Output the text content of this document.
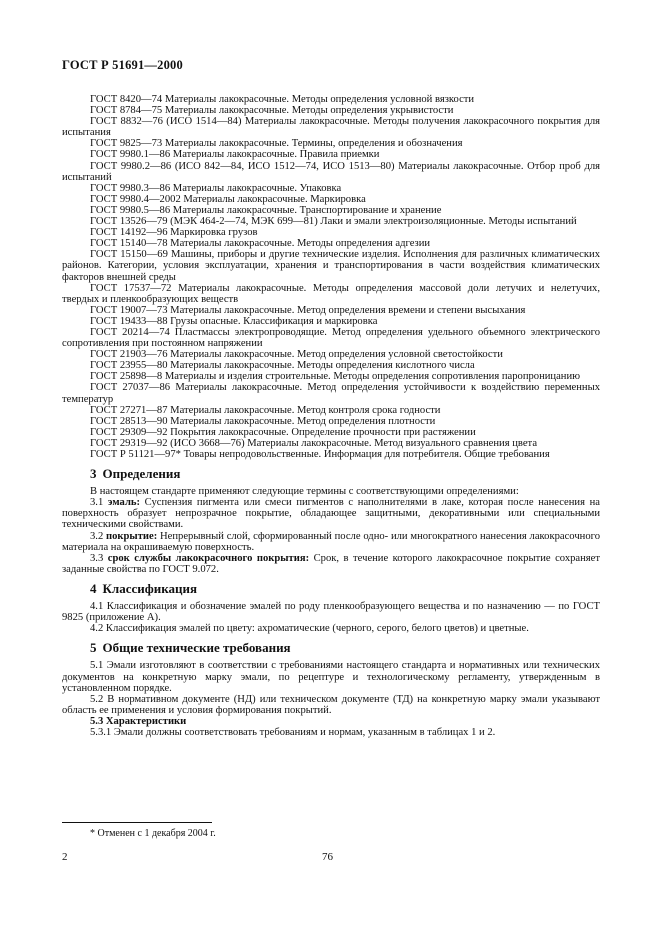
ГОСТ Р 51691—2000

ГОСТ 8420—74 Материалы лакокрасочные. Методы определения условной вязкости

ГОСТ 8784—75 Материалы лакокрасочные. Методы определения укрывистости

ГОСТ 8832—76 (ИСО 1514—84) Материалы лакокрасочные. Методы получения лакокрасочного покрытия для испытания

ГОСТ 9825—73 Материалы лакокрасочные. Термины, определения и обозначения

ГОСТ 9980.1—86 Материалы лакокрасочные. Правила приемки

ГОСТ 9980.2—86 (ИСО 842—84, ИСО 1512—74, ИСО 1513—80) Материалы лакокрасочные. Отбор проб для испытаний

ГОСТ 9980.3—86 Материалы лакокрасочные. Упаковка

ГОСТ 9980.4—2002 Материалы лакокрасочные. Маркировка

ГОСТ 9980.5—86 Материалы лакокрасочные. Транспортирование и хранение

ГОСТ 13526—79 (МЭК 464-2—74, МЭК 699—81) Лаки и эмали электроизоляционные. Методы испытаний

ГОСТ 14192—96 Маркировка грузов

ГОСТ 15140—78 Материалы лакокрасочные. Методы определения адгезии

ГОСТ 15150—69 Машины, приборы и другие технические изделия. Исполнения для различных климатических районов. Категории, условия эксплуатации, хранения и транспортирования в части воздействия климатических факторов внешней среды

ГОСТ 17537—72 Материалы лакокрасочные. Методы определения массовой доли летучих и нелетучих, твердых и пленкообразующих веществ

ГОСТ 19007—73 Материалы лакокрасочные. Метод определения времени и степени высыхания

ГОСТ 19433—88 Грузы опасные. Классификация и маркировка

ГОСТ 20214—74 Пластмассы электропроводящие. Метод определения удельного объемного электрического сопротивления при постоянном напряжении

ГОСТ 21903—76 Материалы лакокрасочные. Метод определения условной светостойкости

ГОСТ 23955—80 Материалы лакокрасочные. Методы определения кислотного числа

ГОСТ 25898—8 Материалы и изделия строительные. Методы определения сопротивления паропроницанию

ГОСТ 27037—86 Материалы лакокрасочные. Метод определения устойчивости к воздействию переменных температур

ГОСТ 27271—87 Материалы лакокрасочные. Метод контроля срока годности

ГОСТ 28513—90 Материалы лакокрасочные. Метод определения плотности

ГОСТ 29309—92 Покрытия лакокрасочные. Определение прочности при растяжении

ГОСТ 29319—92 (ИСО 3668—76) Материалы лакокрасочные. Метод визуального сравнения цвета

ГОСТ Р 51121—97* Товары непродовольственные. Информация для потребителя. Общие требования

3 Определения

В настоящем стандарте применяют следующие термины с соответствующими определениями:

3.1 эмаль: Суспензия пигмента или смеси пигментов с наполнителями в лаке, которая после нанесения на поверхность образует непрозрачное покрытие, обладающее защитными, декоративными или специальными техническими свойствами.

3.2 покрытие: Непрерывный слой, сформированный после одно- или многократного нанесения лакокрасочного материала на окрашиваемую поверхность.

3.3 срок службы лакокрасочного покрытия: Срок, в течение которого лакокрасочное покрытие сохраняет заданные свойства по ГОСТ 9.072.

4 Классификация

4.1 Классификация и обозначение эмалей по роду пленкообразующего вещества и по назначению — по ГОСТ 9825 (приложение А).

4.2 Классификация эмалей по цвету: ахроматические (черного, серого, белого цветов) и цветные.

5 Общие технические требования

5.1 Эмали изготовляют в соответствии с требованиями настоящего стандарта и нормативных или технических документов на конкретную марку эмали, по рецептуре и технологическому регламенту, утвержденным в установленном порядке.

5.2 В нормативном документе (НД) или техническом документе (ТД) на конкретную марку эмали указывают область ее применения и условия формирования покрытий.

5.3 Характеристики

5.3.1 Эмали должны соответствовать требованиям и нормам, указанным в таблицах 1 и 2.

* Отменен с 1 декабря 2004 г.
2	76
